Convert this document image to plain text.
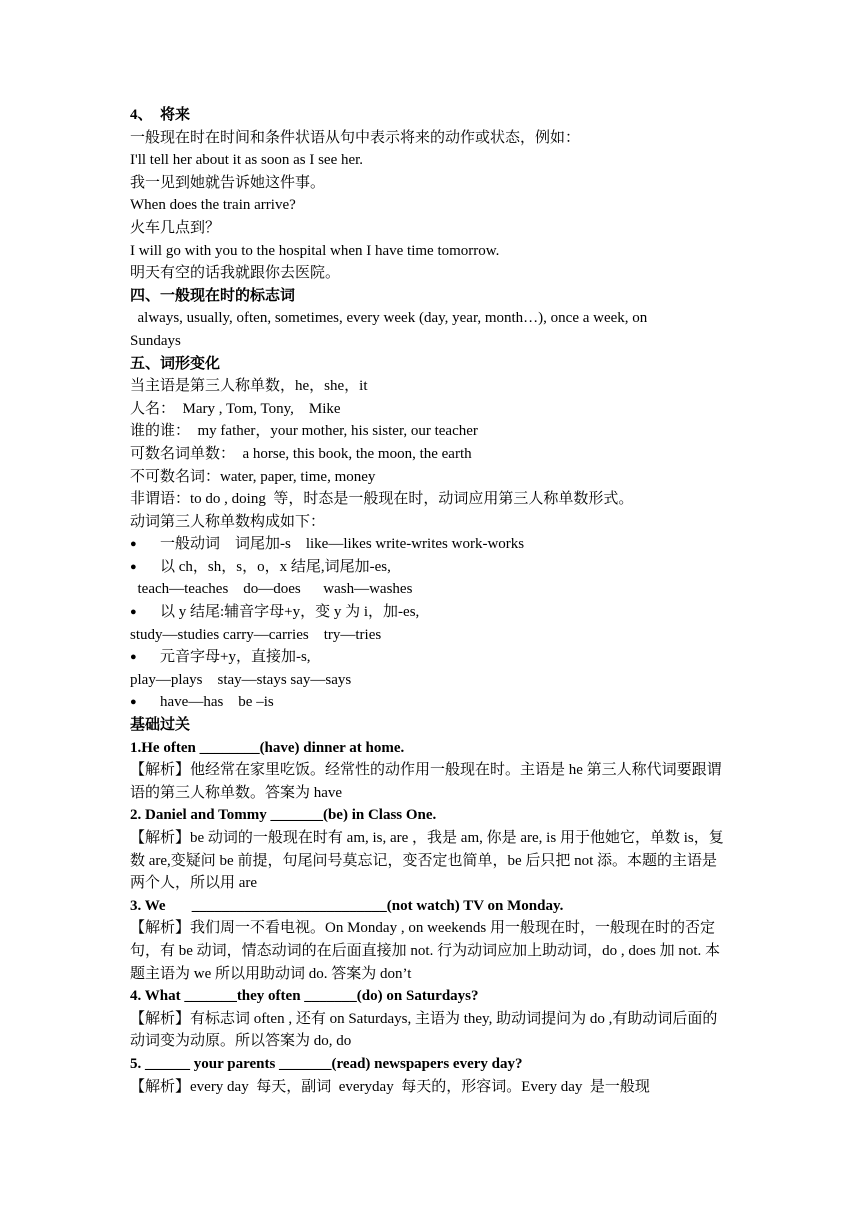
4、  将来
一般现在时在时间和条件状语从句中表示将来的动作或状态，例如：
I'll tell her about it as soon as I see her.
我一见到她就告诉她这件事。
When does the train arrive?
火车几点到？
I will go with you to the hospital when I have time tomorrow.
明天有空的话我就跟你去医院。
四、一般现在时的标志词
always, usually, often, sometimes, every week (day, year, month…), once a week, on
Sundays
五、词形变化
当主语是第三人称单数，he，she，it
人名：  Mary , Tom, Tony,    Mike
谁的谁：  my father，your mother, his sister, our teacher
可数名词单数：  a horse, this book, the moon, the earth
不可数名词：water, paper, time, money
非谓语：to do , doing  等，时态是一般现在时，动词应用第三人称单数形式。
动词第三人称单数构成如下：
● 一般动词    词尾加-s    like—likes write-writes work-works
● 以 ch，sh，s，o，x 结尾,词尾加-es,
teach—teaches    do—does      wash—washes
● 以 y 结尾:辅音字母+y，变 y 为 i，加-es,
study—studies carry—carries    try—tries
● 元音字母+y，直接加-s,
play—plays    stay—stays say—says
● have—has    be –is
基础过关
1.He often ________(have) dinner at home.
【解析】他经常在家里吃饭。经常性的动作用一般现在时。主语是 he 第三人称代词要跟谓语的第三人称单数。答案为 have
2. Daniel and Tommy _______(be) in Class One.
【解析】be 动词的一般现在时有 am, is, are ，我是 am, 你是 are, is 用于他她它，单数 is，复数 are,变疑问 be 前提，句尾问号莫忘记，变否定也简单，be 后只把 not 添。本题的主语是两个人，所以用 are
3. We       __________________________(not watch) TV on Monday.
【解析】我们周一不看电视。On Monday , on weekends 用一般现在时，一般现在时的否定句，有 be 动词，情态动词的在后面直接加 not. 行为动词应加上助动词，do , does 加 not. 本题主语为 we 所以用助动词 do. 答案为 don’t
4. What _______they often _______(do) on Saturdays?
【解析】有标志词 often , 还有 on Saturdays, 主语为 they, 助动词提问为 do ,有助动词后面的动词变为动原。所以答案为 do, do
5. ______ your parents _______(read) newspapers every day?
【解析】every day  每天，副词  everyday  每天的，形容词。Every day  是一般现
